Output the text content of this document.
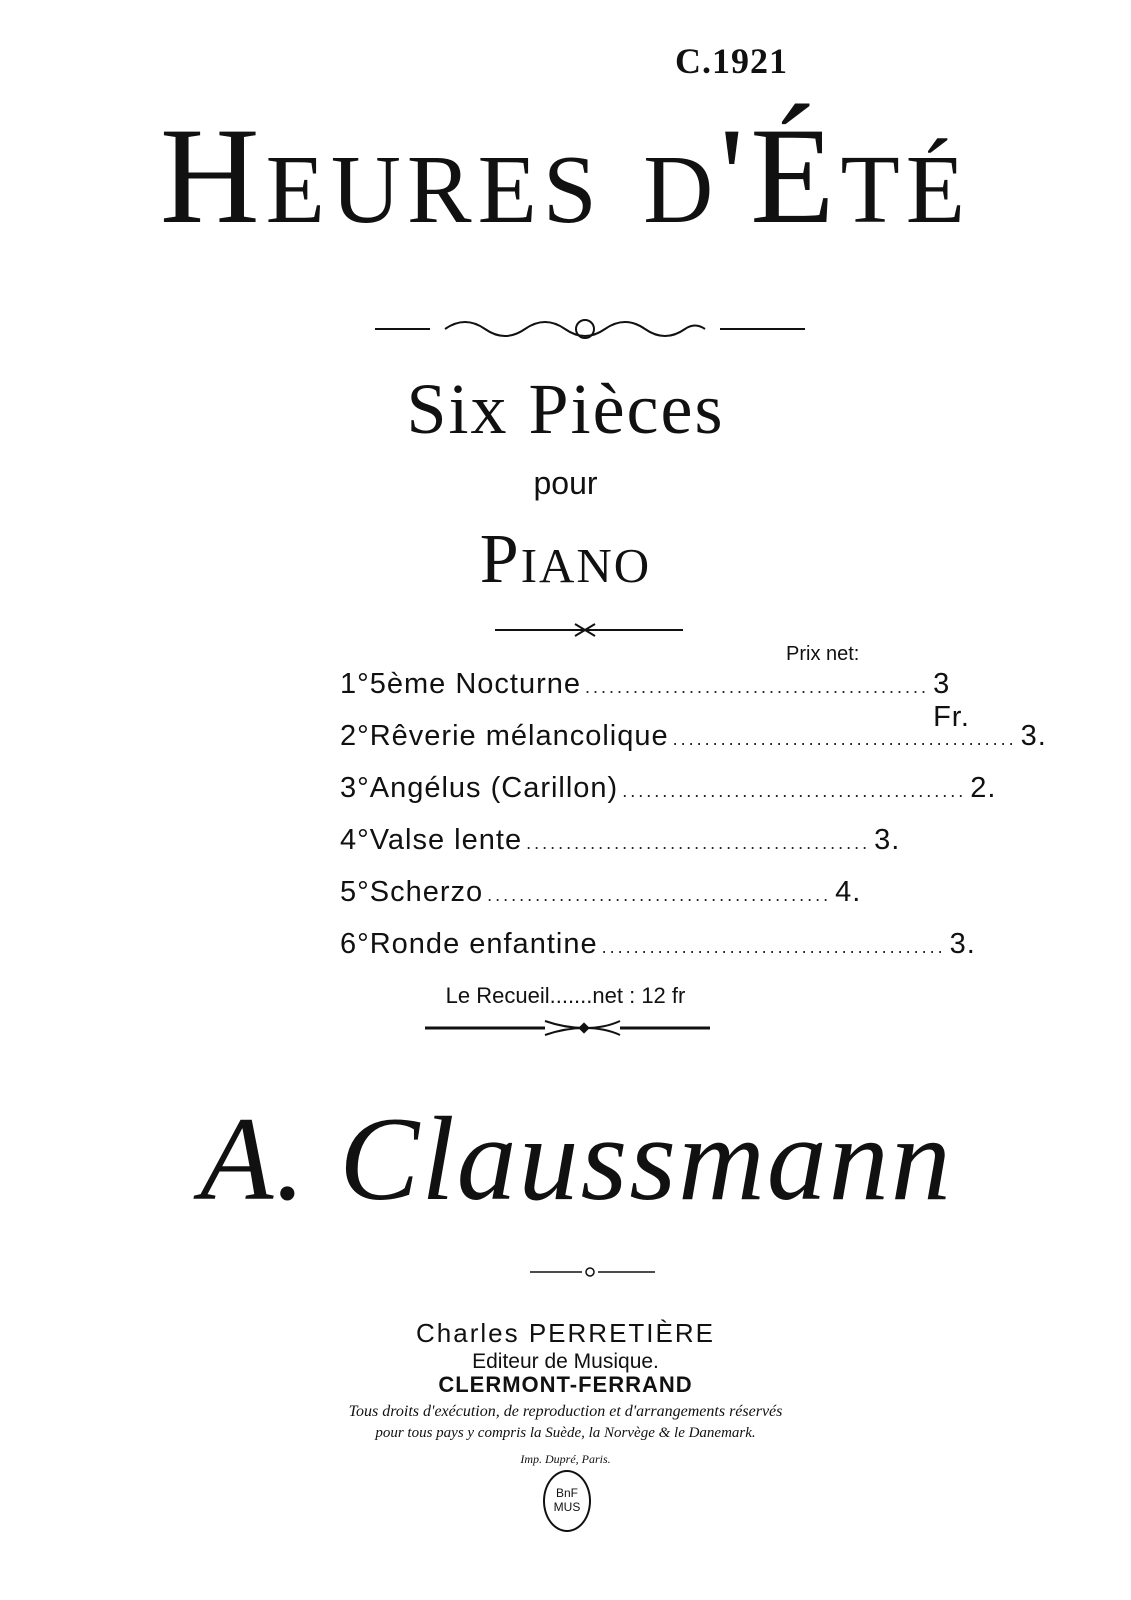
C.1921
Heures d'Été
Six Pièces
pour
Piano
Prix net:
1° 5ème Nocturne ........................................... 3 Fr.
2° Rêverie mélancolique ........................................... 3.
3° Angélus (Carillon) ........................................... 2.
4° Valse lente ........................................... 3.
5° Scherzo ........................................... 4.
6° Ronde enfantine ........................................... 3.
Le Recueil.......net : 12 fr
A. Claussmann
Charles PERRETIÈRE
Editeur de Musique.
CLERMONT-FERRAND
Tous droits d'exécution, de reproduction et d'arrangements réservés
pour tous pays y compris la Suède, la Norvège & le Danemark.
Imp. Dupré, Paris.
BnF
MUS
